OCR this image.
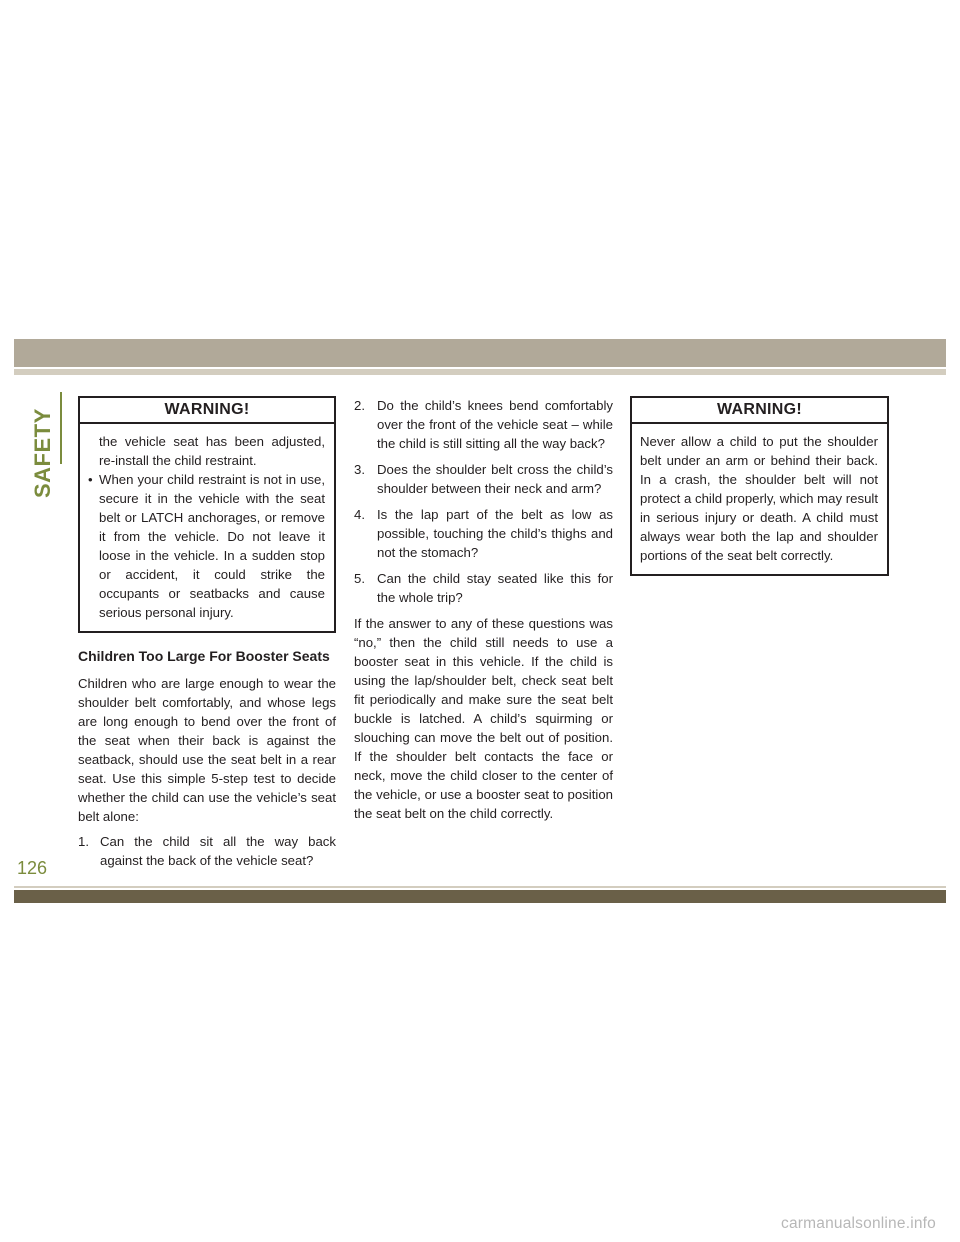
SAFETY	WARNING!
the vehicle seat has been adjusted, re-install the child restraint.
• When your child restraint is not in use, secure it in the vehicle with the seat belt or LATCH anchorages, or remove it from the vehicle. Do not leave it loose in the vehicle. In a sudden stop or accident, it could strike the occupants or seatbacks and cause serious personal injury.
Children Too Large For Booster Seats

Children who are large enough to wear the shoulder belt comfortably, and whose legs are long enough to bend over the front of the seat when their back is against the seatback, should use the seat belt in a rear seat. Use this simple 5-step test to decide whether the child can use the vehicle’s seat belt alone:

1. Can the child sit all the way back against the back of the vehicle seat?
2. Do the child’s knees bend comfortably over the front of the vehicle seat – while the child is still sitting all the way back?
3. Does the shoulder belt cross the child’s shoulder between their neck and arm?
4. Is the lap part of the belt as low as possible, touching the child’s thighs and not the stomach?
5. Can the child stay seated like this for the whole trip?

If the answer to any of these questions was “no,” then the child still needs to use a booster seat in this vehicle. If the child is using the lap/shoulder belt, check seat belt fit periodically and make sure the seat belt buckle is latched. A child’s squirming or slouching can move the belt out of position. If the shoulder belt contacts the face or neck, move the child closer to the center of the vehicle, or use a booster seat to position the seat belt on the child correctly.

WARNING!
Never allow a child to put the shoulder belt under an arm or behind their back. In a crash, the shoulder belt will not protect a child properly, which may result in serious injury or death. A child must always wear both the lap and shoulder portions of the seat belt correctly.
126
carmanualsonline.info
